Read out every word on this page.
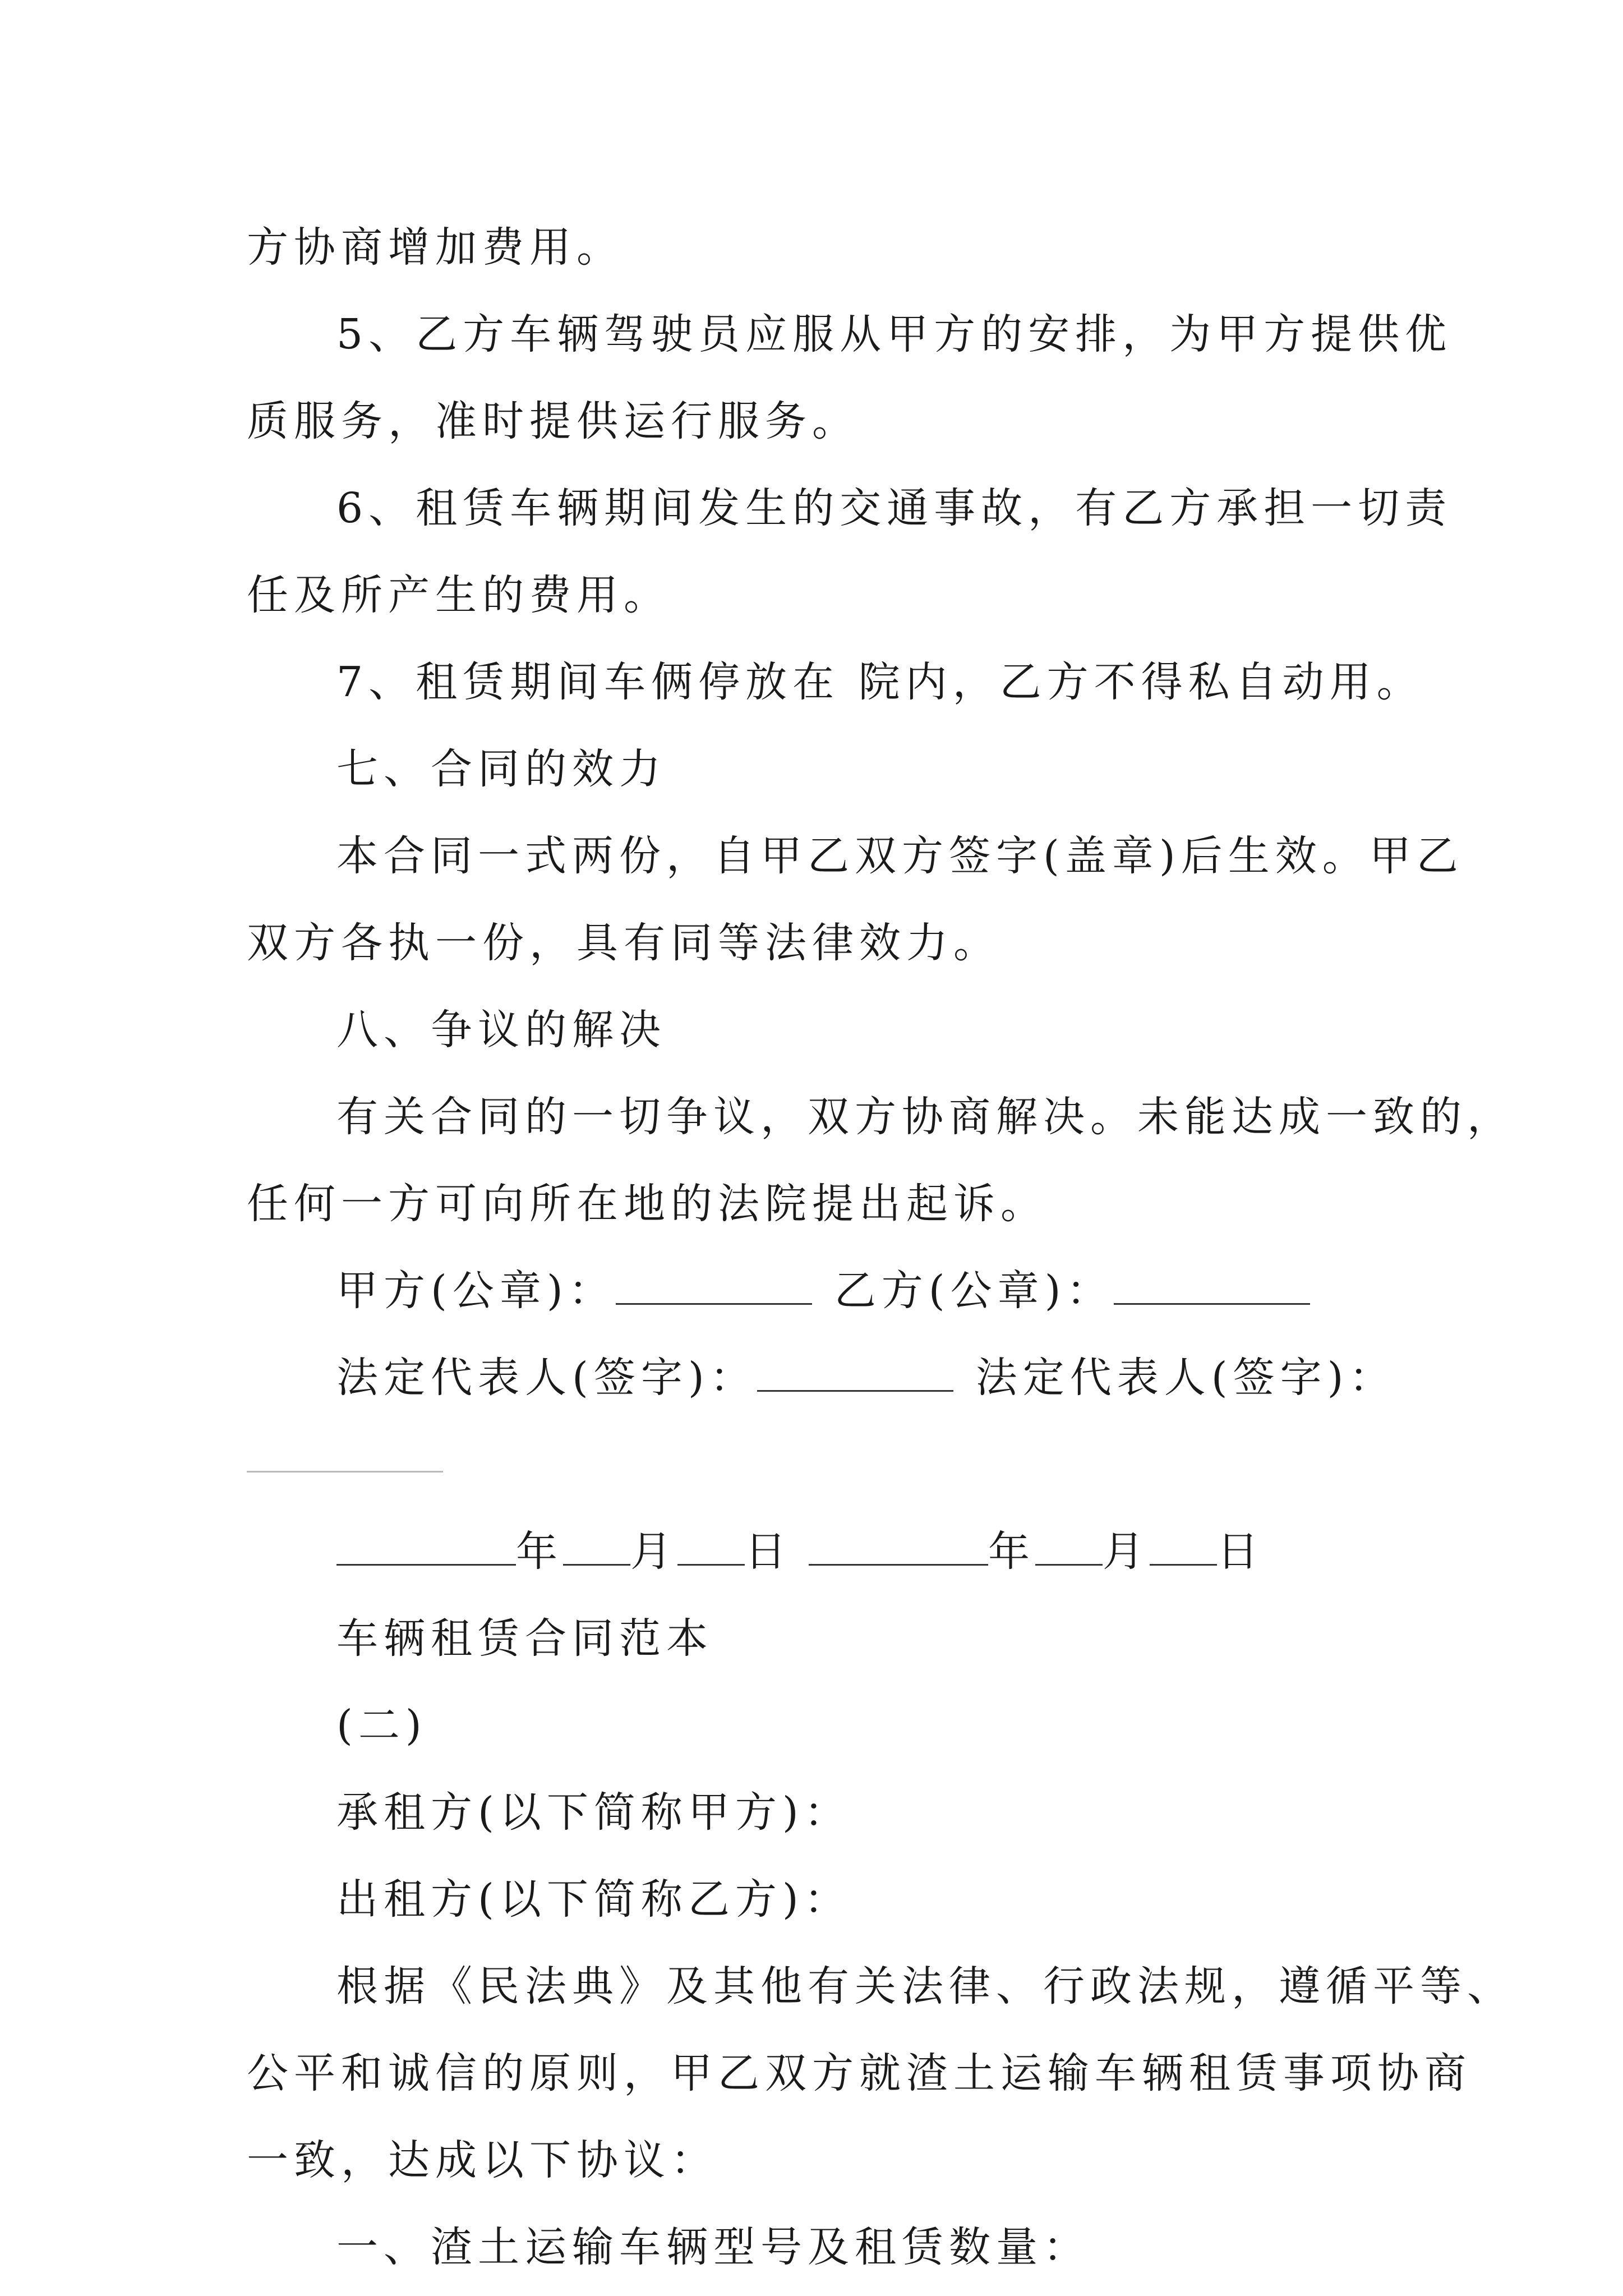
方协商增加费用。
5、乙方车辆驾驶员应服从甲方的安排，为甲方提供优
质服务，准时提供运行服务。
6、租赁车辆期间发生的交通事故，有乙方承担一切责
任及所产生的费用。
7、租赁期间车俩停放在 院内，乙方不得私自动用。
七、合同的效力
本合同一式两份，自甲乙双方签字(盖章)后生效。甲乙
双方各执一份，具有同等法律效力。
八、争议的解决
有关合同的一切争议，双方协商解决。未能达成一致的，
任何一方可向所在地的法院提出起诉。
甲方(公章)：	乙方(公章)：
法定代表人(签字)：	法定代表人(签字)：
年 月 日	年 月 日
车辆租赁合同范本
(二)
承租方(以下简称甲方)：
出租方(以下简称乙方)：
根据《民法典》及其他有关法律、行政法规，遵循平等、
公平和诚信的原则，甲乙双方就渣土运输车辆租赁事项协商
一致，达成以下协议：
一、渣土运输车辆型号及租赁数量：
